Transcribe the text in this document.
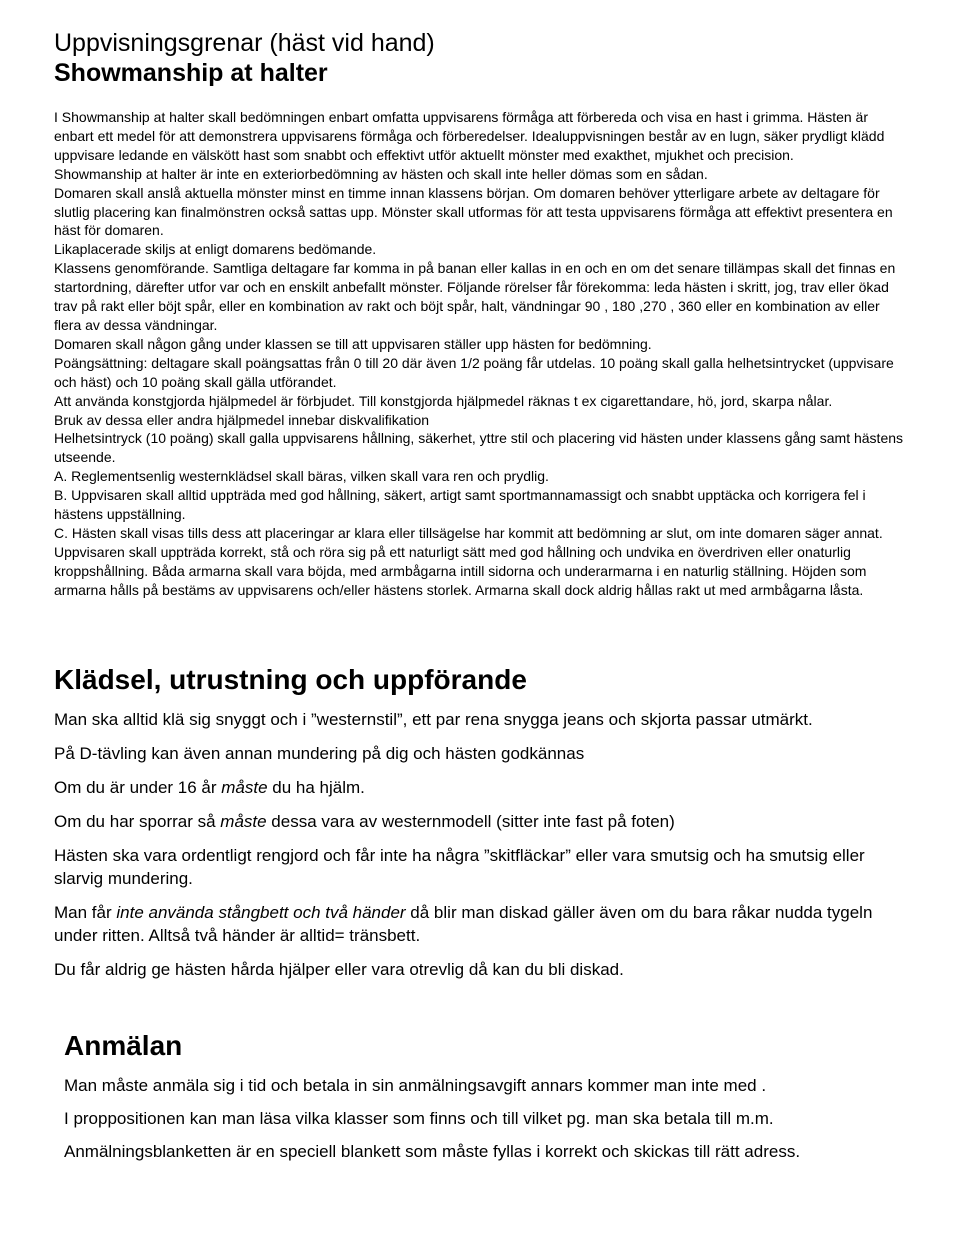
Uppvisningsgrenar (häst vid hand)
Showmanship at halter

I Showmanship at halter skall bedömningen enbart omfatta uppvisarens förmåga att förbereda och visa en hast i grimma. Hästen är enbart ett medel för att demonstrera uppvisarens förmåga och förberedelser. Idealuppvisningen består av en lugn, säker prydligt klädd uppvisare ledande en välskött hast som snabbt och effektivt utför aktuellt mönster med exakthet, mjukhet och precision.

Showmanship at halter är inte en exteriorbedömning av hästen och skall inte heller dömas som en sådan.

Domaren skall anslå aktuella mönster minst en timme innan klassens början. Om domaren behöver ytterligare arbete av deltagare för slutlig placering kan finalmönstren också sattas upp. Mönster skall utformas för att testa uppvisarens förmåga att effektivt presentera en häst för domaren.

Likaplacerade skiljs at enligt domarens bedömande.

Klassens genomförande. Samtliga deltagare far komma in på banan eller kallas in en och en om det senare tillämpas skall det finnas en startordning, därefter utfor var och en enskilt anbefallt mönster. Följande rörelser får förekomma: leda hästen i skritt, jog, trav eller ökad trav på rakt eller böjt spår, eller en kombination av rakt och böjt spår, halt, vändningar 90 , 180 ,270 , 360 eller en kombination av eller flera av dessa vändningar.

Domaren skall någon gång under klassen se till att uppvisaren ställer upp hästen for bedömning.

Poängsättning: deltagare skall poängsattas från 0 till 20 där även 1/2 poäng får utdelas. 10 poäng skall galla helhetsintrycket (uppvisare och häst) och 10 poäng skall gälla utförandet.

Att använda konstgjorda hjälpmedel är förbjudet. Till konstgjorda hjälpmedel räknas t ex cigarettandare, hö, jord, skarpa nålar.

Bruk av dessa eller andra hjälpmedel innebar diskvalifikation

Helhetsintryck (10 poäng) skall galla uppvisarens hållning, säkerhet, yttre stil och placering vid hästen under klassens gång samt hästens utseende.

A. Reglementsenlig westernklädsel skall bäras, vilken skall vara ren och prydlig.

B. Uppvisaren skall alltid uppträda med god hållning, säkert, artigt samt sportmannamassigt och snabbt upptäcka och korrigera fel i hästens uppställning.

C. Hästen skall visas tills dess att placeringar ar klara eller tillsägelse har kommit att bedömning ar slut, om inte domaren säger annat. Uppvisaren skall uppträda korrekt, stå och röra sig på ett naturligt sätt med god hållning och undvika en överdriven eller onaturlig kroppshållning. Båda armarna skall vara böjda, med armbågarna intill sidorna och underarmarna i en naturlig ställning. Höjden som armarna hålls på bestäms av uppvisarens och/eller hästens storlek. Armarna skall dock aldrig hållas rakt ut med armbågarna låsta.

Klädsel, utrustning och uppförande

Man ska alltid klä sig snyggt och i ”westernstil”, ett par rena snygga jeans och skjorta passar utmärkt.

På D-tävling kan även annan mundering på dig och hästen godkännas

Om du är under 16 år måste du ha hjälm.

Om du har sporrar så måste dessa vara av westernmodell (sitter inte fast på foten)

Hästen ska vara ordentligt rengjord och får inte ha några ”skitfläckar” eller vara smutsig och ha smutsig eller slarvig mundering.

Man får inte använda stångbett och två händer då blir man diskad gäller även om du bara råkar nudda tygeln under ritten. Alltså två händer är alltid= tränsbett.

Du får aldrig ge hästen hårda hjälper eller vara otrevlig då kan du bli diskad.

Anmälan

Man måste anmäla sig i tid och betala in sin anmälningsavgift annars kommer man inte med .

I proppositionen kan man läsa vilka klasser som finns och till vilket pg. man ska betala till m.m.

Anmälningsblanketten är en speciell blankett som måste fyllas i korrekt och skickas till rätt adress.
